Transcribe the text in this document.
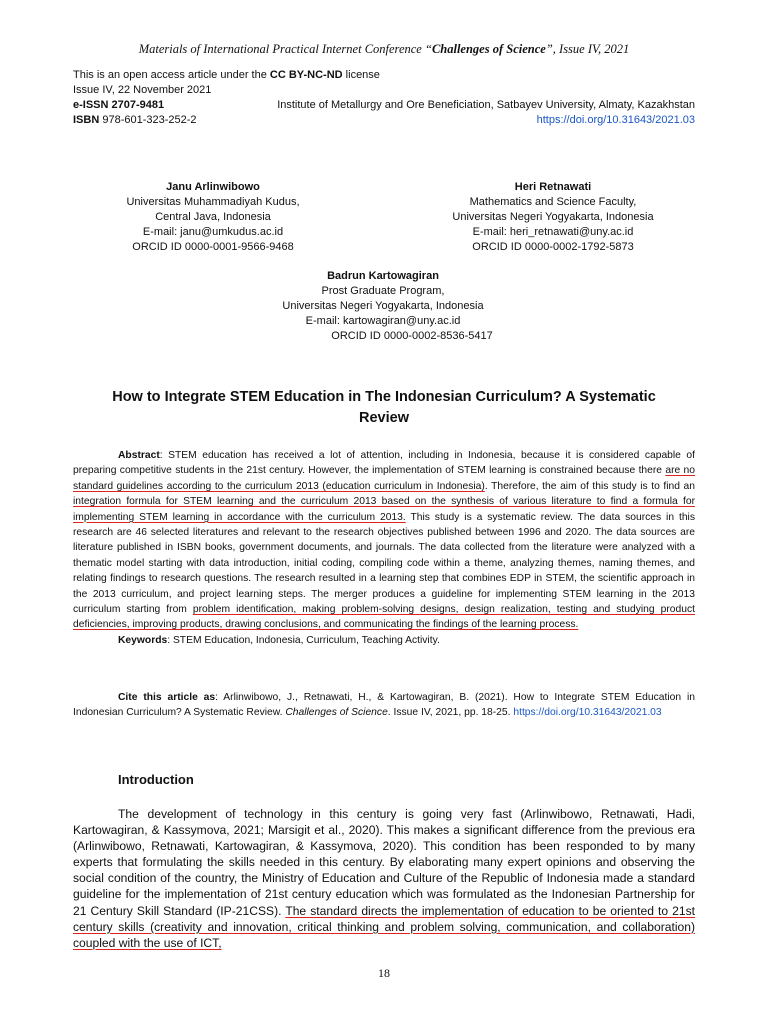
Materials of International Practical Internet Conference “Challenges of Science”, Issue IV, 2021
This is an open access article under the CC BY-NC-ND license
Issue IV, 22 November 2021
e-ISSN 2707-9481	Institute of Metallurgy and Ore Beneficiation, Satbayev University, Almaty, Kazakhstan
ISBN 978-601-323-252-2	https://doi.org/10.31643/2021.03
Janu Arlinwibowo
Universitas Muhammadiyah Kudus,
Central Java, Indonesia
E-mail: janu@umkudus.ac.id
ORCID ID 0000-0001-9566-9468
Heri Retnawati
Mathematics and Science Faculty,
Universitas Negeri Yogyakarta, Indonesia
E-mail: heri_retnawati@uny.ac.id
ORCID ID 0000-0002-1792-5873
Badrun Kartowagiran
Prost Graduate Program,
Universitas Negeri Yogyakarta, Indonesia
E-mail: kartowagiran@uny.ac.id
ORCID ID 0000-0002-8536-5417
How to Integrate STEM Education in The Indonesian Curriculum? A Systematic Review

Abstract: STEM education has received a lot of attention, including in Indonesia, because it is considered capable of preparing competitive students in the 21st century. However, the implementation of STEM learning is constrained because there are no standard guidelines according to the curriculum 2013 (education curriculum in Indonesia). Therefore, the aim of this study is to find an integration formula for STEM learning and the curriculum 2013 based on the synthesis of various literature to find a formula for implementing STEM learning in accordance with the curriculum 2013. This study is a systematic review. The data sources in this research are 46 selected literatures and relevant to the research objectives published between 1996 and 2020. The data sources are literature published in ISBN books, government documents, and journals. The data collected from the literature were analyzed with a thematic model starting with data introduction, initial coding, compiling code within a theme, analyzing themes, naming themes, and relating findings to research questions. The research resulted in a learning step that combines EDP in STEM, the scientific approach in the 2013 curriculum, and project learning steps. The merger produces a guideline for implementing STEM learning in the 2013 curriculum starting from problem identification, making problem-solving designs, design realization, testing and studying product deficiencies, improving products, drawing conclusions, and communicating the findings of the learning process.

Keywords: STEM Education, Indonesia, Curriculum, Teaching Activity.

Cite this article as: Arlinwibowo, J., Retnawati, H., & Kartowagiran, B. (2021). How to Integrate STEM Education in Indonesian Curriculum? A Systematic Review. Challenges of Science. Issue IV, 2021, pp. 18-25. https://doi.org/10.31643/2021.03

Introduction

The development of technology in this century is going very fast (Arlinwibowo, Retnawati, Hadi, Kartowagiran, & Kassymova, 2021; Marsigit et al., 2020). This makes a significant difference from the previous era (Arlinwibowo, Retnawati, Kartowagiran, & Kassymova, 2020). This condition has been responded to by many experts that formulating the skills needed in this century. By elaborating many expert opinions and observing the social condition of the country, the Ministry of Education and Culture of the Republic of Indonesia made a standard guideline for the implementation of 21st century education which was formulated as the Indonesian Partnership for 21 Century Skill Standard (IP-21CSS). The standard directs the implementation of education to be oriented to 21st century skills (creativity and innovation, critical thinking and problem solving, communication, and collaboration) coupled with the use of ICT,

18
